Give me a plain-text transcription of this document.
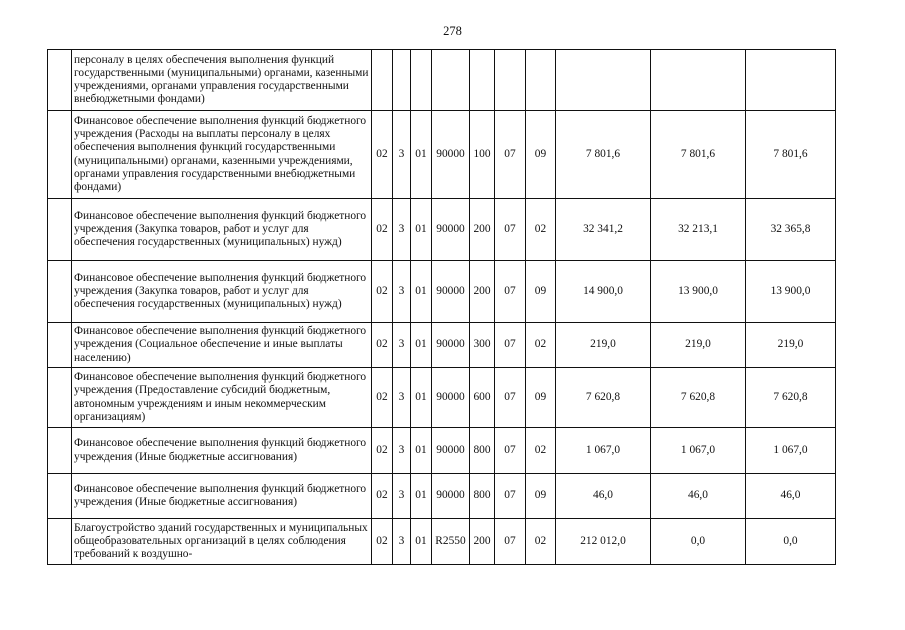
278
	персоналу в целях обеспечения выполнения функций государственными (муниципальными) органами, казенными учреждениями, органами управления государственными внебюджетными фондами)										
	Финансовое обеспечение выполнения функций бюджетного учреждения (Расходы на выплаты персоналу в целях обеспечения выполнения функций государственными (муниципальными) органами, казенными учреждениями, органами управления государственными внебюджетными фондами)	02	3	01	90000	100	07	09	7 801,6	7 801,6	7 801,6
	Финансовое обеспечение выполнения функций бюджетного учреждения (Закупка товаров, работ и услуг для обеспечения государственных (муниципальных) нужд)	02	3	01	90000	200	07	02	32 341,2	32 213,1	32 365,8
	Финансовое обеспечение выполнения функций бюджетного учреждения (Закупка товаров, работ и услуг для обеспечения государственных (муниципальных) нужд)	02	3	01	90000	200	07	09	14 900,0	13 900,0	13 900,0
	Финансовое обеспечение выполнения функций бюджетного учреждения (Социальное обеспечение и иные выплаты населению)	02	3	01	90000	300	07	02	219,0	219,0	219,0
	Финансовое обеспечение выполнения функций бюджетного учреждения (Предоставление субсидий бюджетным, автономным учреждениям и иным некоммерческим организациям)	02	3	01	90000	600	07	09	7 620,8	7 620,8	7 620,8
	Финансовое обеспечение выполнения функций бюджетного учреждения (Иные бюджетные ассигнования)	02	3	01	90000	800	07	02	1 067,0	1 067,0	1 067,0
	Финансовое обеспечение выполнения функций бюджетного учреждения (Иные бюджетные ассигнования)	02	3	01	90000	800	07	09	46,0	46,0	46,0
	Благоустройство зданий государственных и муниципальных общеобразовательных организаций в целях соблюдения требований к воздушно-	02	3	01	R2550	200	07	02	212 012,0	0,0	0,0
